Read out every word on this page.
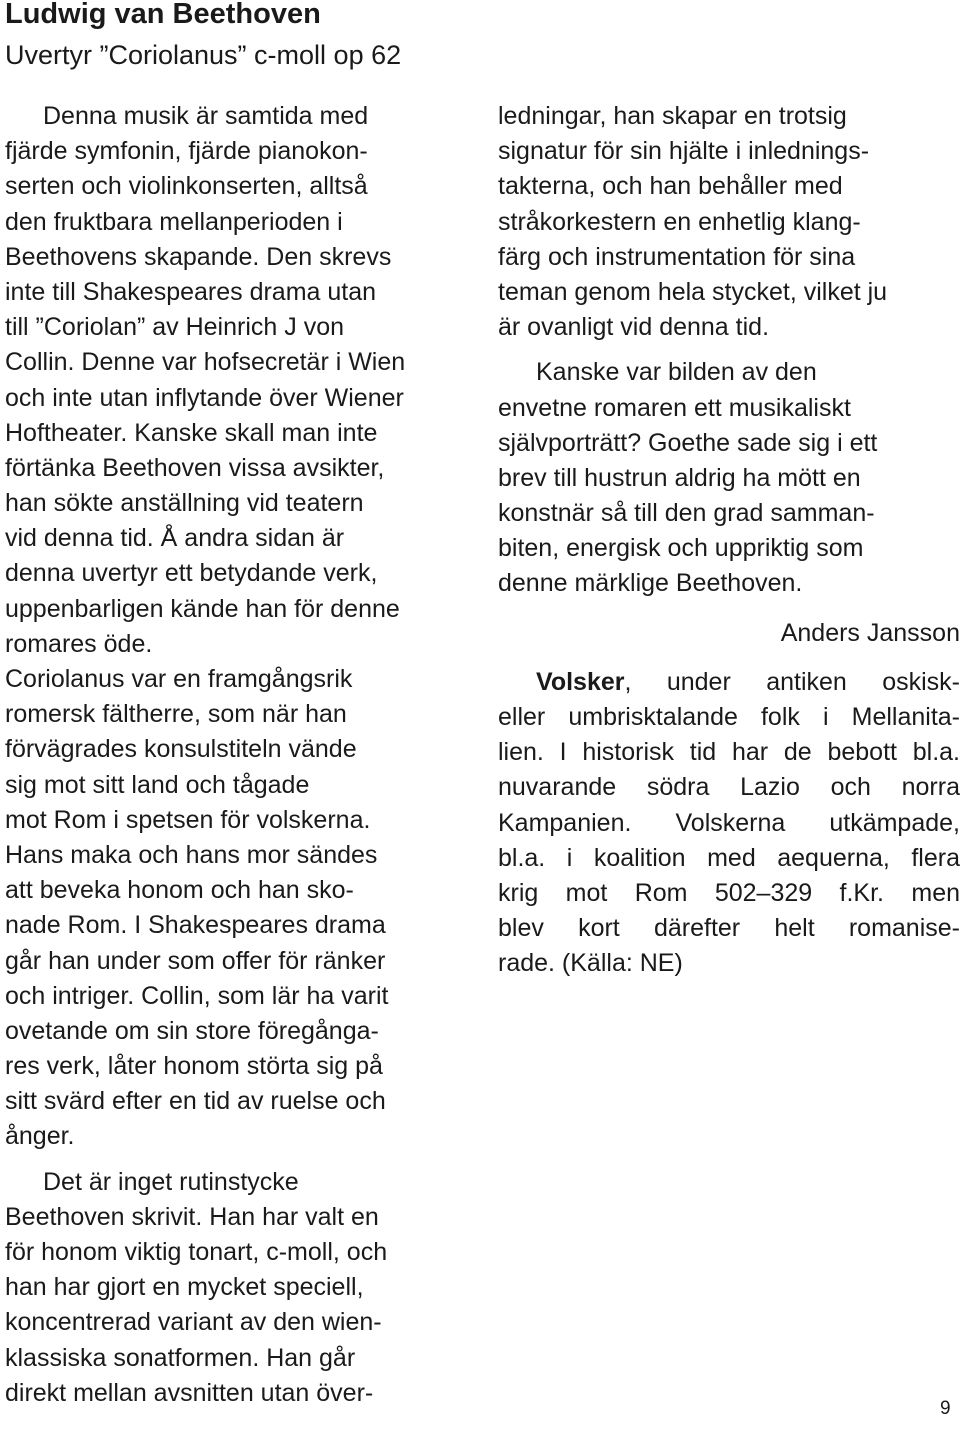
Ludwig van Beethoven
Uvertyr ”Coriolanus” c-moll op 62
Denna musik är samtida med
fjärde symfonin, fjärde pianokon-
serten och violinkonserten, alltså
den fruktbara mellanperioden i
Beethovens skapande. Den skrevs
inte till Shakespeares drama utan
till ”Coriolan” av Heinrich J von
Collin. Denne var hofsecretär i Wien
och inte utan inflytande över Wiener
Hoftheater. Kanske skall man inte
förtänka Beethoven vissa avsikter,
han sökte anställning vid teatern
vid denna tid. Å andra sidan är
denna uvertyr ett betydande verk,
uppenbarligen kände han för denne
romares öde.
Coriolanus var en framgångsrik
romersk fältherre, som när han
förvägrades konsulstiteln vände
sig mot sitt land och tågade
mot Rom i spetsen för volskerna.
Hans maka och hans mor sändes
att beveka honom och han sko-
nade Rom. I Shakespeares drama
går han under som offer för ränker
och intriger. Collin, som lär ha varit
ovetande om sin store föregånga-
res verk, låter honom störta sig på
sitt svärd efter en tid av ruelse och
ånger.
Det är inget rutinstycke
Beethoven skrivit. Han har valt en
för honom viktig tonart, c-moll, och
han har gjort en mycket speciell,
koncentrerad variant av den wien-
klassiska sonatformen. Han går
direkt mellan avsnitten utan över-
ledningar, han skapar en trotsig
signatur för sin hjälte i inlednings-
takterna, och han behåller med
stråkorkestern en enhetlig klang-
färg och instrumentation för sina
teman genom hela stycket, vilket ju
är ovanligt vid denna tid.
Kanske var bilden av den
envetne romaren ett musikaliskt
självporträtt? Goethe sade sig i ett
brev till hustrun aldrig ha mött en
konstnär så till den grad samman-
biten, energisk och uppriktig som
denne märklige Beethoven.
Anders Jansson
Volsker, under antiken oskisk-
eller umbrisktalande folk i Mellanita-
lien. I historisk tid har de bebott bl.a.
nuvarande södra Lazio och norra
Kampanien. Volskerna utkämpade,
bl.a. i koalition med aequerna, flera
krig mot Rom 502–329 f.Kr. men
blev kort därefter helt romanise-
rade. (Källa: NE)
9
